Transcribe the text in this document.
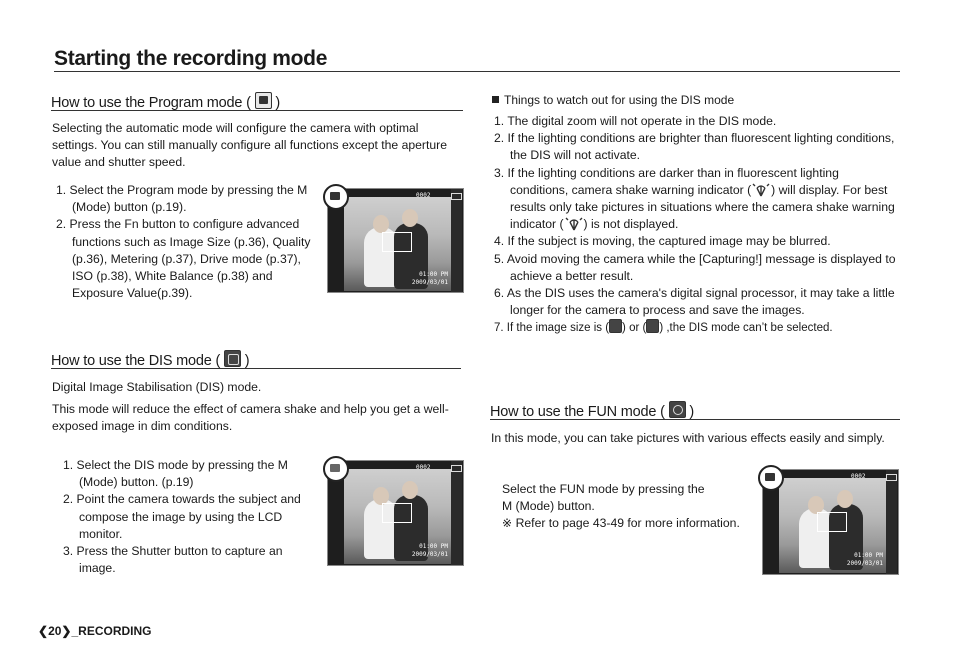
Starting the recording mode
How to use the Program mode ( )
Selecting the automatic mode will configure the camera with optimal settings. You can still manually configure all functions except the aperture value and shutter speed.
1. Select the Program mode by pressing the M (Mode) button (p.19).
2. Press the Fn button to configure advanced functions such as Image Size (p.36), Quality (p.36), Metering (p.37), Drive mode (p.37), ISO (p.38), White Balance (p.38) and Exposure Value(p.39).
0002
01:00 PM
2009/03/01
How to use the DIS mode ( )
Digital Image Stabilisation (DIS) mode.
This mode will reduce the effect of camera shake and help you get a well-exposed image in dim conditions.
1. Select the DIS mode by pressing the M (Mode) button. (p.19)
2. Point the camera towards the subject and compose the image by using the LCD monitor.
3. Press the Shutter button to capture an image.
0002
01:00 PM
2009/03/01
Things to watch out for using the DIS mode
1. The digital zoom will not operate in the DIS mode.
2. If the lighting conditions are brighter than fluorescent lighting conditions, the DIS will not activate.
3. If the lighting conditions are darker than in fluorescent lighting conditions, camera shake warning indicator ( ) will display. For best results only take pictures in situations where the camera shake warning indicator ( ) is not displayed.
4. If the subject is moving, the captured image may be blurred.
5. Avoid moving the camera while the [Capturing!] message is displayed to achieve a better result.
6. As the DIS uses the camera's digital signal processor, it may take a little longer for the camera to process and save the images.
7. If the image size is ( ) or ( ) ,the DIS mode can’t be selected.
How to use the FUN mode ( )
In this mode, you can take pictures with various effects easily and simply.
Select the FUN mode by pressing the
M (Mode) button.
※ Refer to page 43-49 for more information.
0002
01:00 PM
2009/03/01
❮20❯_RECORDING
